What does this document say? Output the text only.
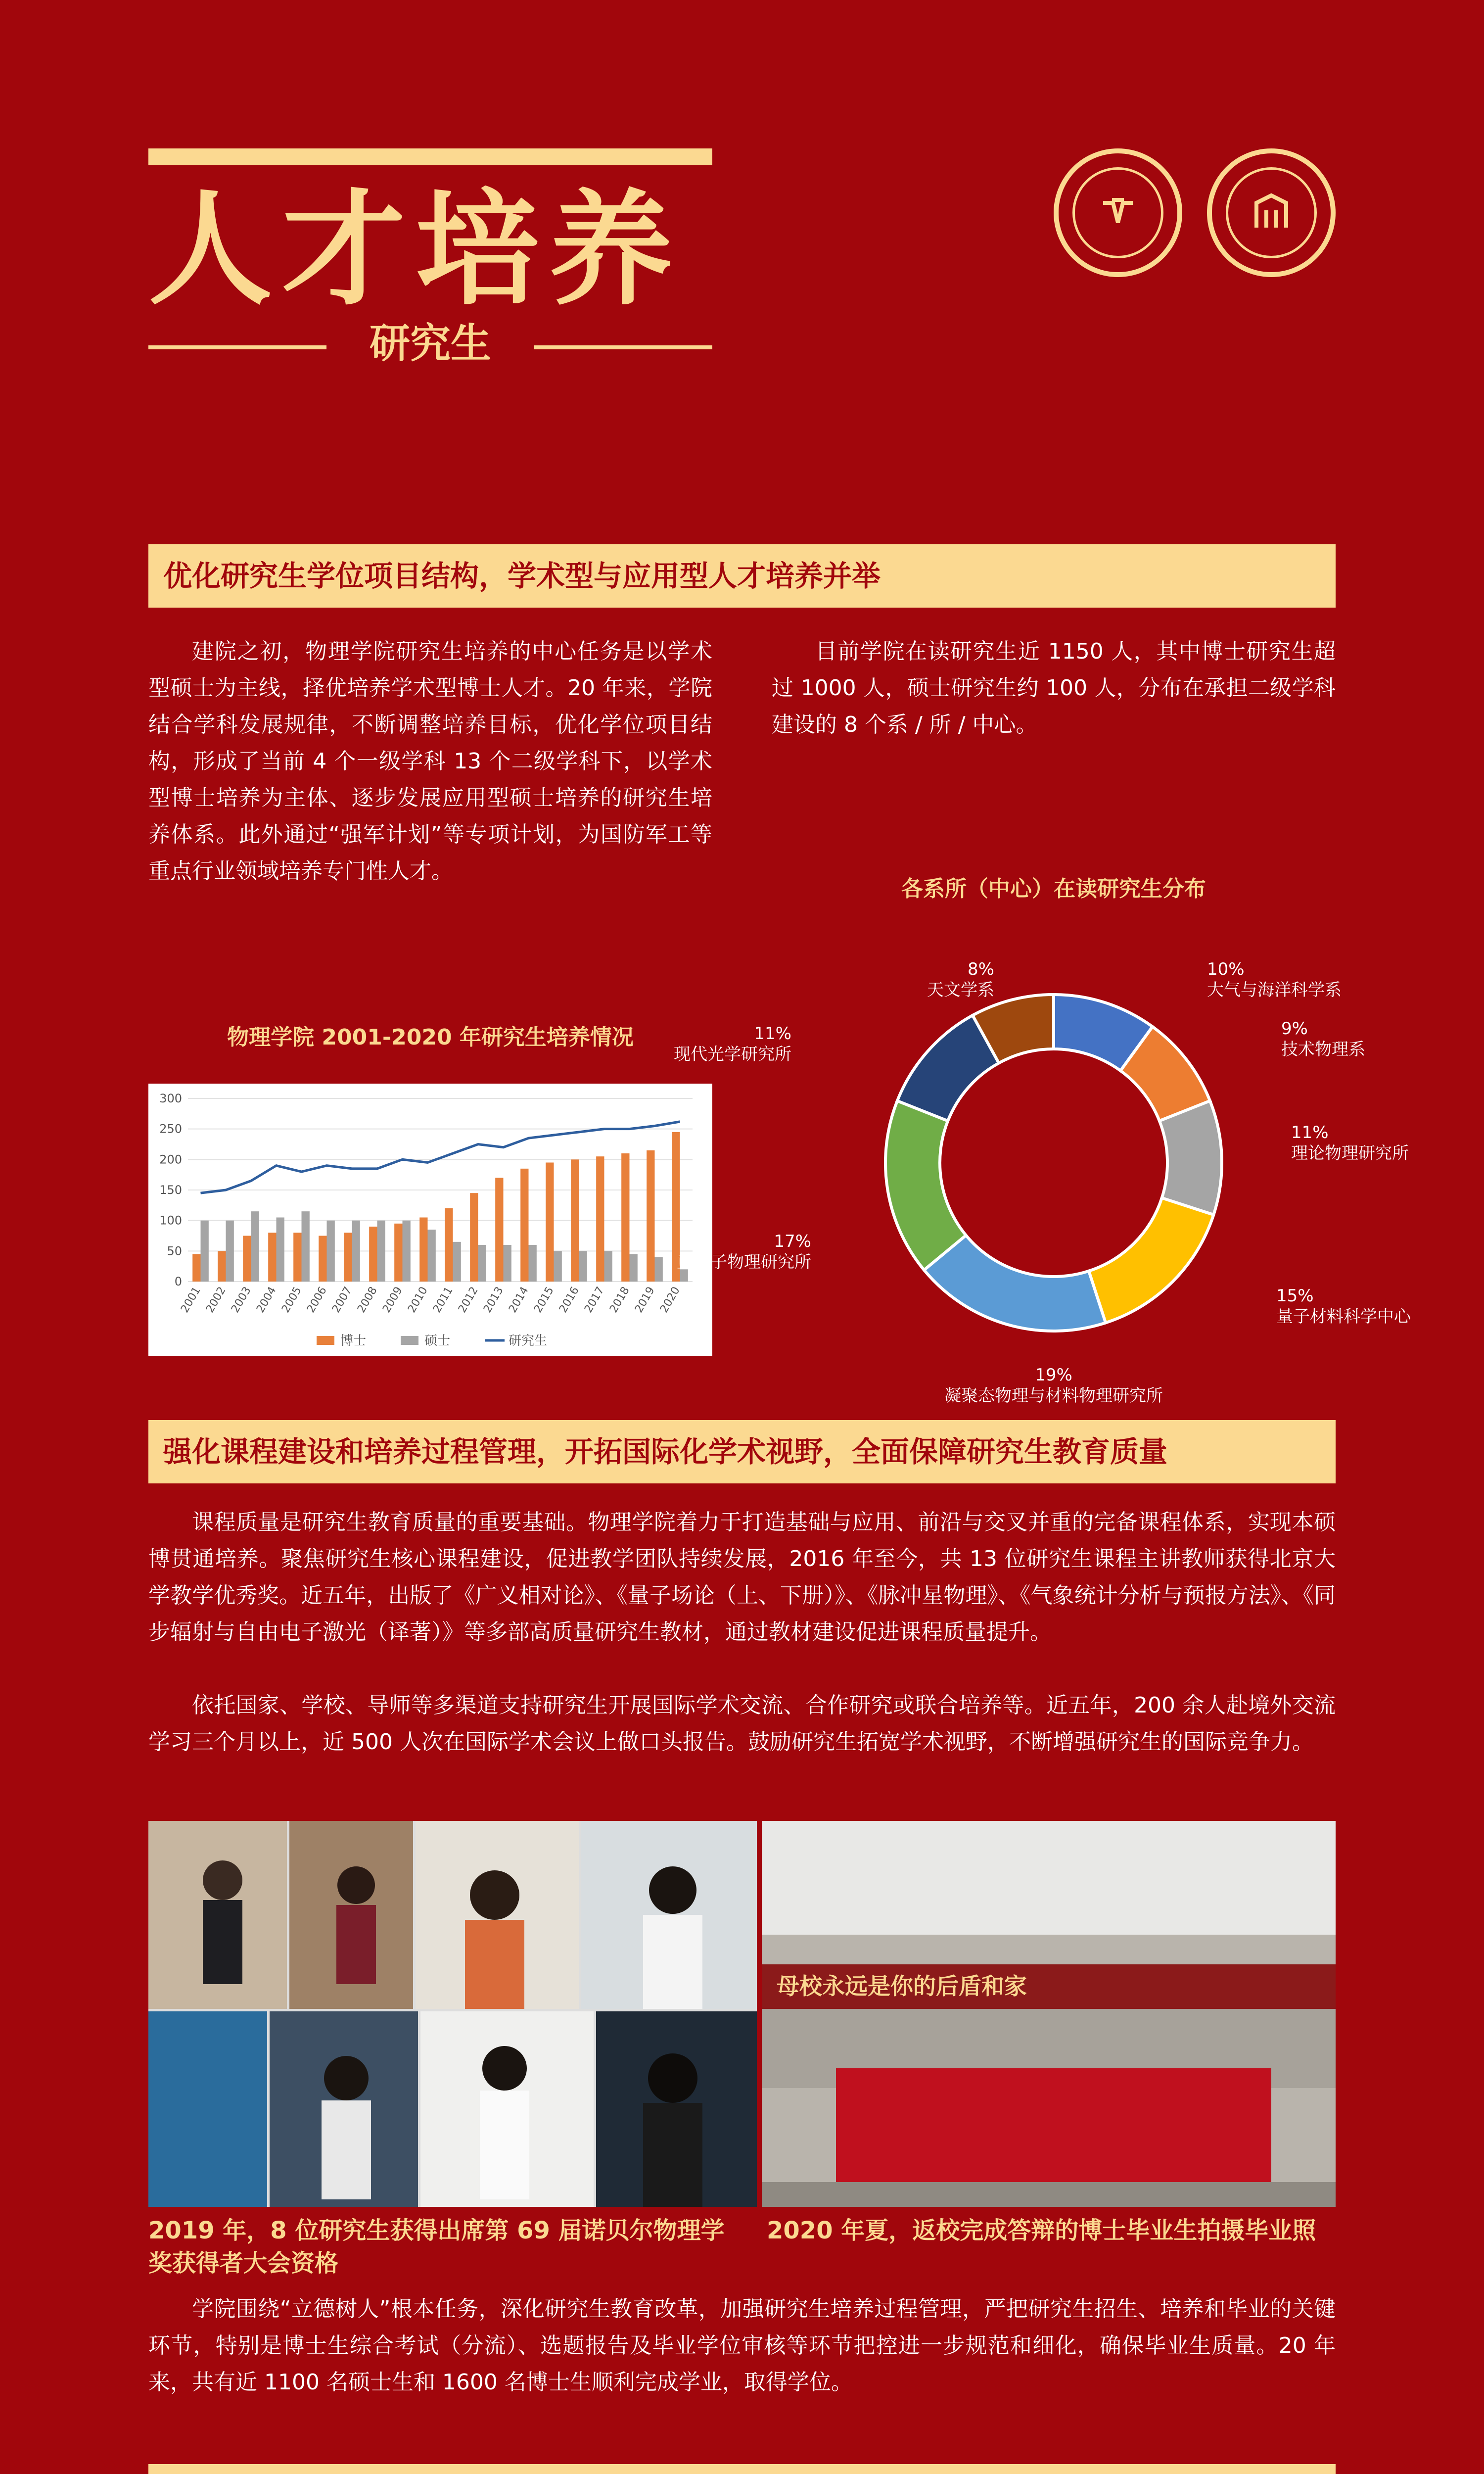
人才培养
研究生
优化研究生学位项目结构，学术型与应用型人才培养并举
建院之初，物理学院研究生培养的中心任务是以学术型硕士为主线，择优培养学术型博士人才。20 年来，学院结合学科发展规律，不断调整培养目标，优化学位项目结构，形成了当前 4 个一级学科 13 个二级学科下，以学术型博士培养为主体、逐步发展应用型硕士培养的研究生培养体系。此外通过“强军计划”等专项计划，为国防军工等重点行业领域培养专门性人才。
目前学院在读研究生近 1150 人，其中博士研究生超过 1000 人，硕士研究生约 100 人，分布在承担二级学科建设的 8 个系 / 所 / 中心。
物理学院 2001-2020 年研究生培养情况
0
50
100
150
200
250
300
2001 2002 2003 2004 2005 2006 2007 2008 2009 2010 2011 2012 2013 2014 2015 2016 2017 2018 2019 2020
博士	硕士	研究生
各系所（中心）在读研究生分布
10%大气与海洋科学系
9%技术物理系
11%理论物理研究所
15%量子材料科学中心
19%凝聚态物理与材料物理研究所
17%重离子物理研究所
11%现代光学研究所
8%天文学系
强化课程建设和培养过程管理，开拓国际化学术视野，全面保障研究生教育质量
课程质量是研究生教育质量的重要基础。物理学院着力于打造基础与应用、前沿与交叉并重的完备课程体系，实现本硕博贯通培养。聚焦研究生核心课程建设，促进教学团队持续发展，2016 年至今，共 13 位研究生课程主讲教师获得北京大学教学优秀奖。近五年，出版了《广义相对论》、《量子场论（上、下册）》、《脉冲星物理》、《气象统计分析与预报方法》、《同步辐射与自由电子激光（译著）》等多部高质量研究生教材，通过教材建设促进课程质量提升。
依托国家、学校、导师等多渠道支持研究生开展国际学术交流、合作研究或联合培养等。近五年，200 余人赴境外交流学习三个月以上，近 500 人次在国际学术会议上做口头报告。鼓励研究生拓宽学术视野，不断增强研究生的国际竞争力。
母校永远是你的后盾和家
2019 年，8 位研究生获得出席第 69 届诺贝尔物理学奖获得者大会资格
2020 年夏，返校完成答辩的博士毕业生拍摄毕业照
学院围绕“立德树人”根本任务，深化研究生教育改革，加强研究生培养过程管理，严把研究生招生、培养和毕业的关键环节，特别是博士生综合考试（分流）、选题报告及毕业学位审核等环节把控进一步规范和细化，确保毕业生质量。20 年来，共有近 1100 名硕士生和 1600 名博士生顺利完成学业，取得学位。
